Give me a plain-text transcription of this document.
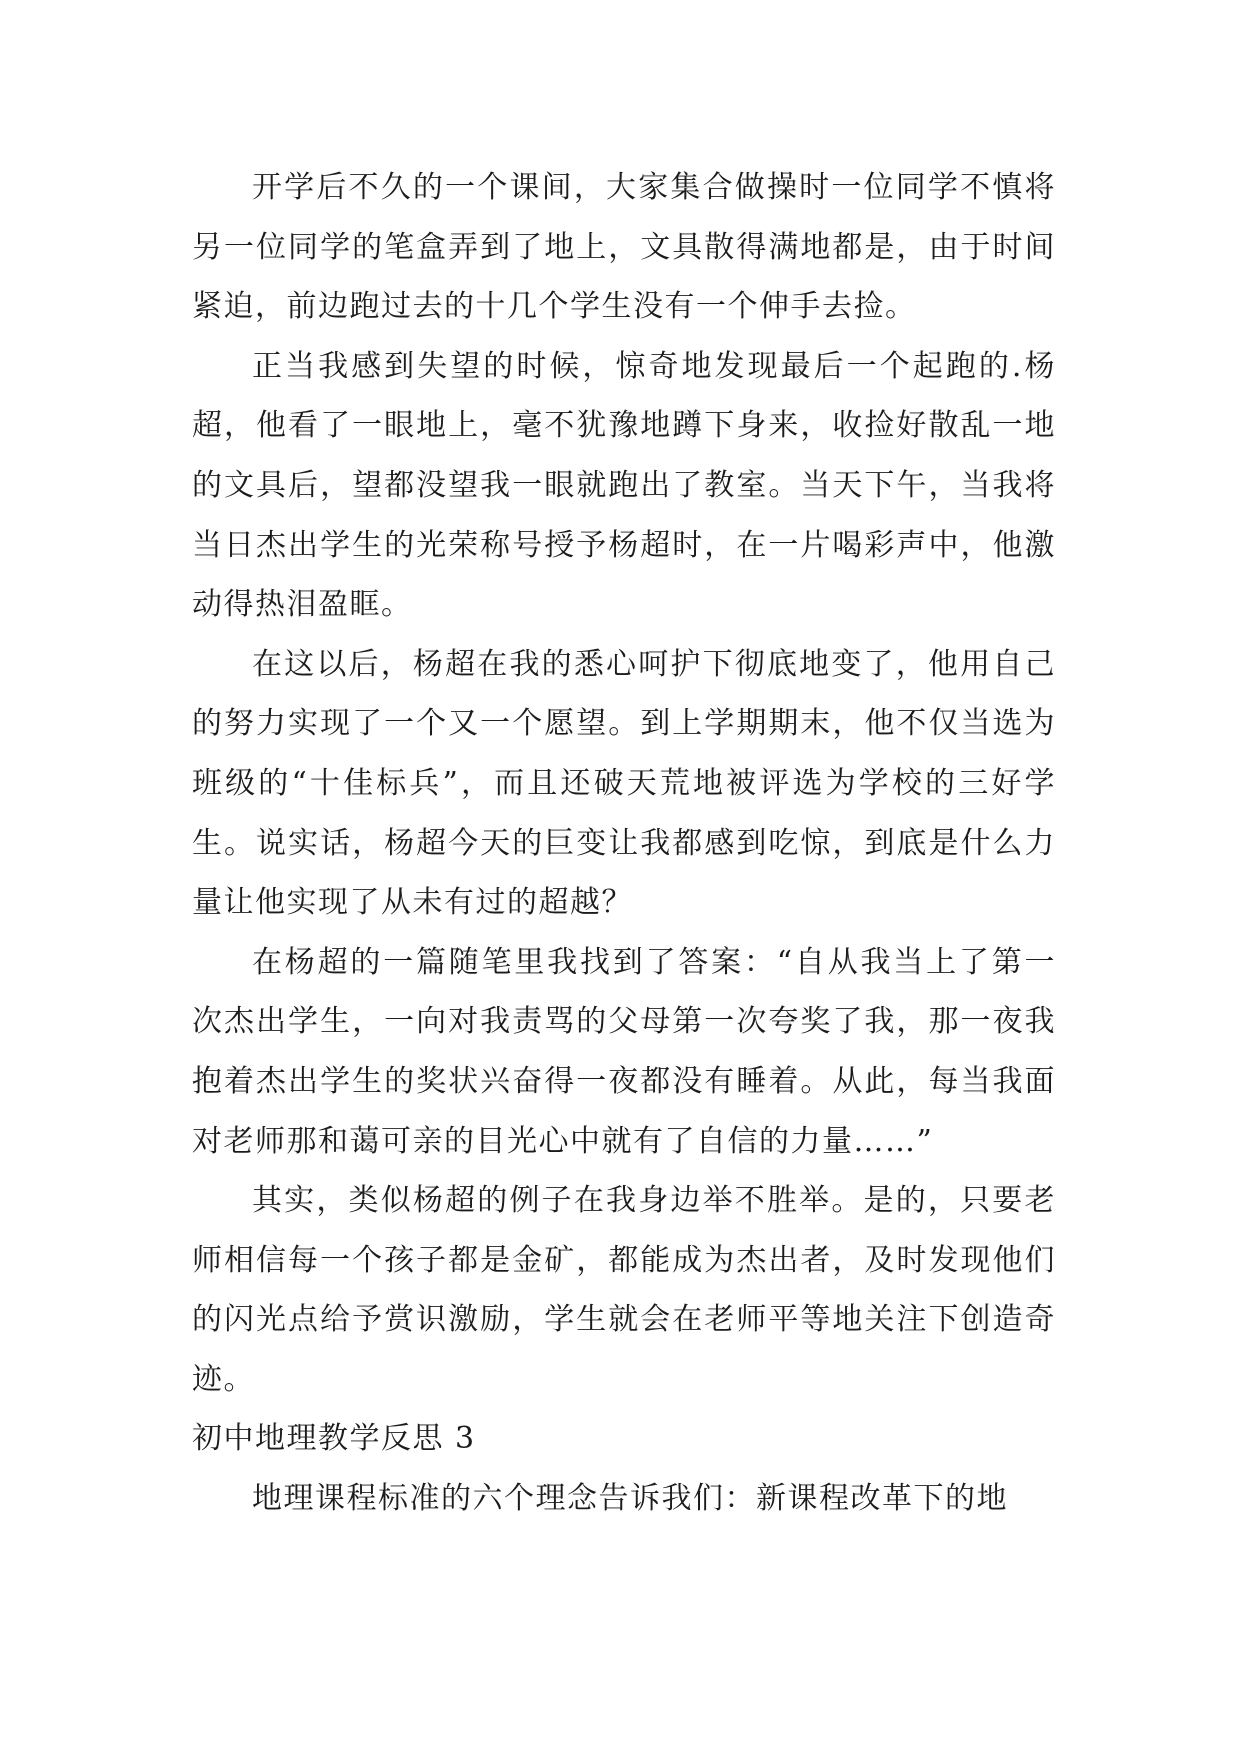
开学后不久的一个课间，大家集合做操时一位同学不慎将另一位同学的笔盒弄到了地上，文具散得满地都是，由于时间紧迫，前边跑过去的十几个学生没有一个伸手去捡。

正当我感到失望的时候，惊奇地发现最后一个起跑的.杨超，他看了一眼地上，毫不犹豫地蹲下身来，收捡好散乱一地的文具后，望都没望我一眼就跑出了教室。当天下午，当我将当日杰出学生的光荣称号授予杨超时，在一片喝彩声中，他激动得热泪盈眶。

在这以后，杨超在我的悉心呵护下彻底地变了，他用自己的努力实现了一个又一个愿望。到上学期期末，他不仅当选为班级的“十佳标兵”，而且还破天荒地被评选为学校的三好学生。说实话，杨超今天的巨变让我都感到吃惊，到底是什么力量让他实现了从未有过的超越？

在杨超的一篇随笔里我找到了答案：“自从我当上了第一次杰出学生，一向对我责骂的父母第一次夸奖了我，那一夜我抱着杰出学生的奖状兴奋得一夜都没有睡着。从此，每当我面对老师那和蔼可亲的目光心中就有了自信的力量……”

其实，类似杨超的例子在我身边举不胜举。是的，只要老师相信每一个孩子都是金矿，都能成为杰出者，及时发现他们的闪光点给予赏识激励，学生就会在老师平等地关注下创造奇迹。

初中地理教学反思 3

地理课程标准的六个理念告诉我们：新课程改革下的地
